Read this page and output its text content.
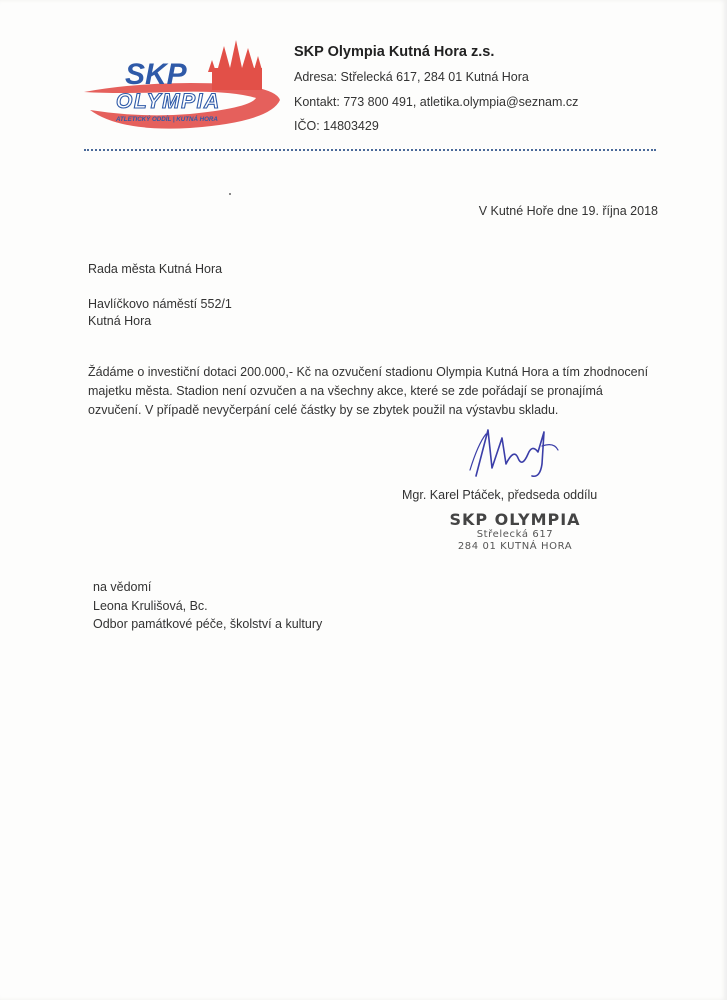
SKP
OLYMPIA
ATLETICKÝ ODDÍL | KUTNÁ HORA
SKP Olympia Kutná Hora z.s.
Adresa: Střelecká 617, 284 01 Kutná Hora
Kontakt: 773 800 491, atletika.olympia@seznam.cz
IČO: 14803429
V Kutné Hoře dne 19. října 2018
Rada města Kutná Hora
Havlíčkovo náměstí 552/1
Kutná Hora

Žádáme o investiční dotaci 200.000,- Kč na ozvučení stadionu Olympia Kutná Hora a tím zhodnocení majetku města. Stadion není ozvučen a na všechny akce, které se zde pořádají se pronajímá ozvučení. V případě nevyčerpání celé částky by se zbytek použil na výstavbu skladu.

Mgr. Karel Ptáček, předseda oddílu
SKP OLYMPIA
Střelecká 617
284 01 KUTNÁ HORA
na vědomí
Leona Krulišová, Bc.
Odbor památkové péče, školství a kultury
